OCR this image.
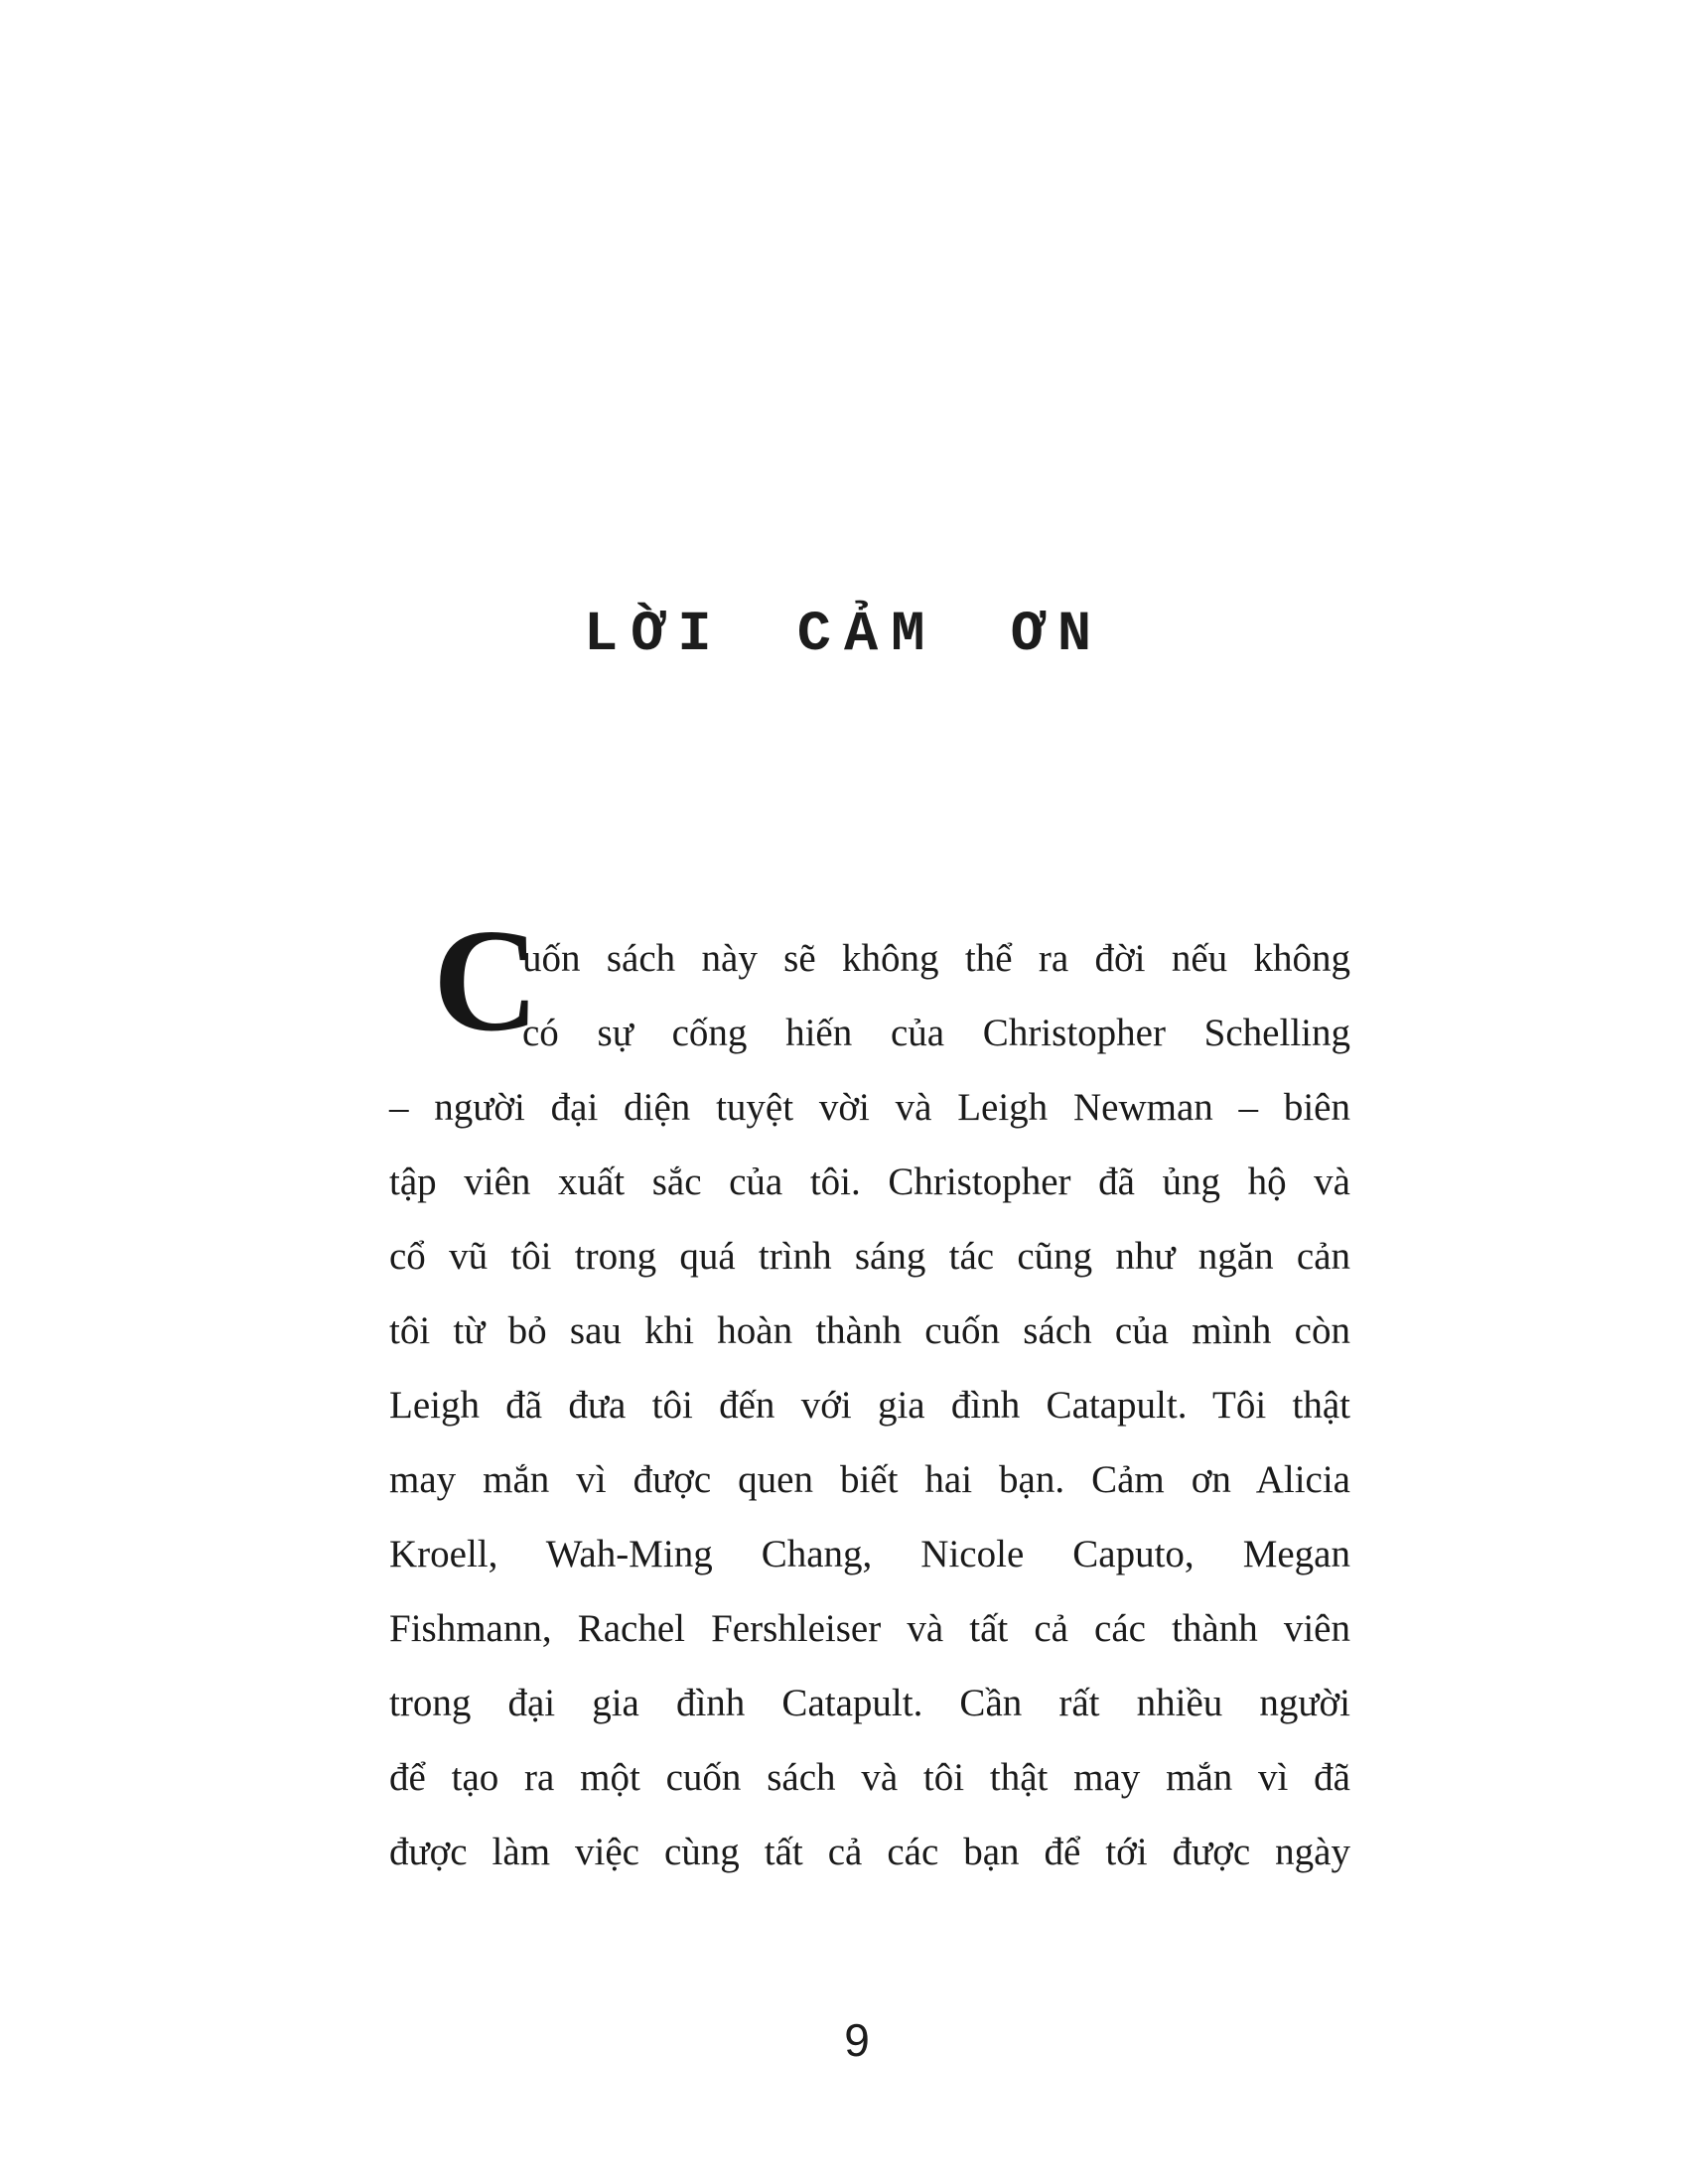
LỜI CẢM ƠN
C
uốn sách này sẽ không thể ra đời nếu không
có sự cống hiến của Christopher Schelling
– người đại diện tuyệt vời và Leigh Newman – biên
tập viên xuất sắc của tôi. Christopher đã ủng hộ và
cổ vũ tôi trong quá trình sáng tác cũng như ngăn cản
tôi từ bỏ sau khi hoàn thành cuốn sách của mình còn
Leigh đã đưa tôi đến với gia đình Catapult. Tôi thật
may mắn vì được quen biết hai bạn. Cảm ơn Alicia
Kroell, Wah-Ming Chang, Nicole Caputo, Megan
Fishmann, Rachel Fershleiser và tất cả các thành viên
trong đại gia đình Catapult. Cần rất nhiều người
để tạo ra một cuốn sách và tôi thật may mắn vì đã
được làm việc cùng tất cả các bạn để tới được ngày
9
